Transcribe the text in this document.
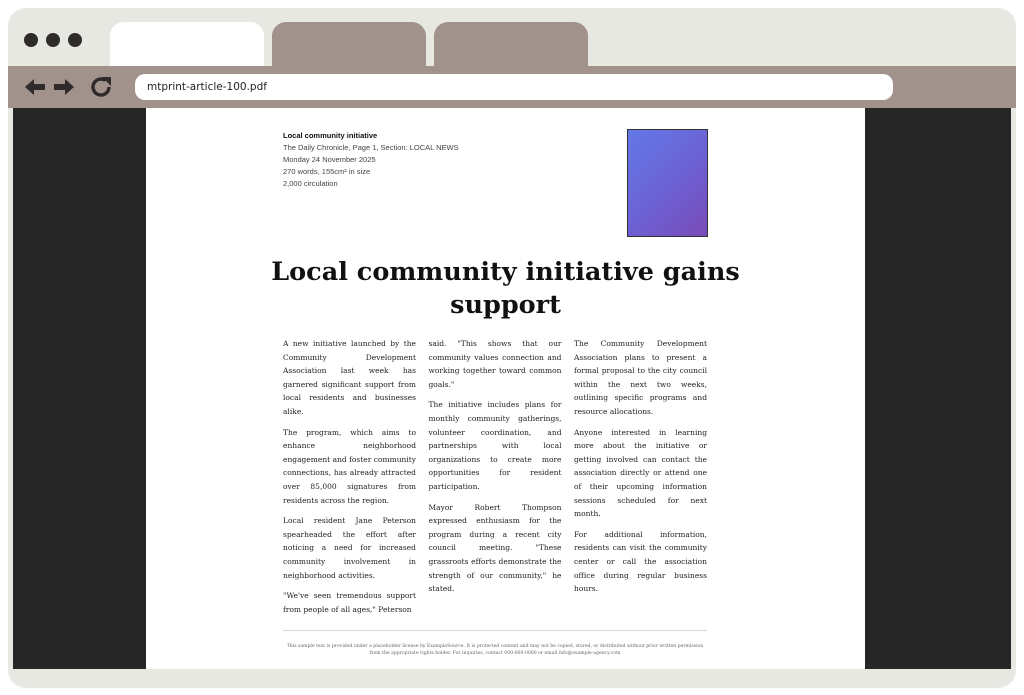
mtprint-article-100.pdf
Local community initiative
The Daily Chronicle, Page 1, Section: LOCAL NEWS
Monday 24 November 2025
270 words, 155cm² in size
2,000 circulation
Local community initiative gains support

A new initiative launched by the Community Development Association last week has garnered significant support from local residents and businesses alike.

The program, which aims to enhance neighborhood engagement and foster community connections, has already attracted over 85,000 signatures from residents across the region.

Local resident Jane Peterson spearheaded the effort after noticing a need for increased community involvement in neighborhood activities.

"We've seen tremendous support from people of all ages," Peterson

said. "This shows that our community values connection and working together toward common goals."

The initiative includes plans for monthly community gatherings, volunteer coordination, and partnerships with local organizations to create more opportunities for resident participation.

Mayor Robert Thompson expressed enthusiasm for the program during a recent city council meeting. "These grassroots efforts demonstrate the strength of our community," he stated.

The Community Development Association plans to present a formal proposal to the city council within the next two weeks, outlining specific programs and resource allocations.

Anyone interested in learning more about the initiative or getting involved can contact the association directly or attend one of their upcoming information sessions scheduled for next month.

For additional information, residents can visit the community center or call the association office during regular business hours.

This sample text is provided under a placeholder license by ExampleSource. It is protected content and may not be copied, stored, or distributed without prior written permission from the appropriate rights holder. For inquiries, contact 000-000-0000 or email info@example-agency.com
